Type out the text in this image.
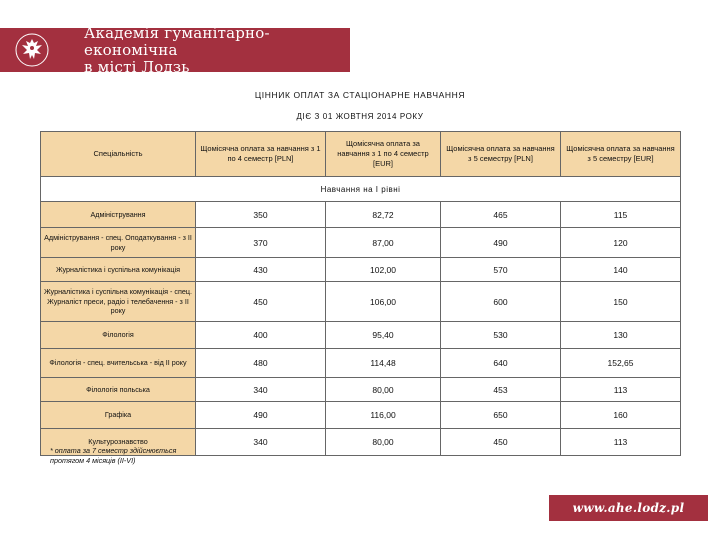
Академія гуманітарно-економічна
в місті Лодзь
ЦІННИК ОПЛАТ ЗА СТАЦІОНАРНЕ НАВЧАННЯ
ДІЄ З 01 ЖОВТНЯ 2014 РОКУ
Спеціальність	Щомісячна оплата за навчання з 1 по 4 семестр [PLN]	Щомісячна оплата за навчання з 1 по 4 семестр [EUR]	Щомісячна оплата за навчання з 5 семестру [PLN]	Щомісячна оплата за навчання з 5 семестру [EUR]
Навчання на І рівні				
Адміністрування	350	82,72	465	115
Адміністрування - спец. Оподаткування - з ІІ року	370	87,00	490	120
Журналістика і суспільна комунікація	430	102,00	570	140
Журналістика і суспільна комунікація - спец. Журналіст преси, радіо і телебачення - з ІІ року	450	106,00	600	150
Філологія	400	95,40	530	130
Філологія - спец. вчительська - від ІІ року	480	114,48	640	152,65
Філологія польська	340	80,00	453	113
Графіка	490	116,00	650	160
Культурознавство	340	80,00	450	113
* оплата за 7 семестр здійснюється
протягом 4 місяців (ІІ-VІ)
www.ahe.lodz.pl
